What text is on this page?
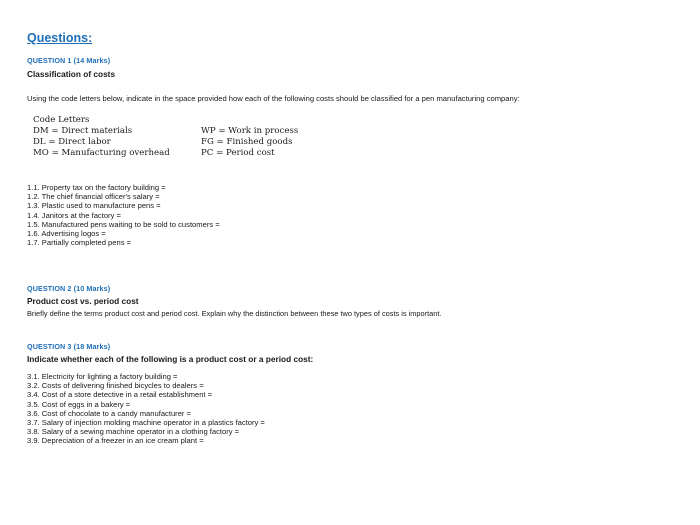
Questions:
QUESTION 1 (14 Marks)
Classification of costs
Using the code letters below, indicate in the space provided how each of the following costs should be classified for a pen manufacturing company:
Code Letters
DM = Direct materials
DL = Direct labor
MO = Manufacturing overhead
WP = Work in process
FG = Finished goods
PC = Period cost
1.1. Property tax on the factory building =
1.2. The chief financial officer's salary =
1.3. Plastic used to manufacture pens =
1.4. Janitors at the factory =
1.5. Manufactured pens waiting to be sold to customers =
1.6. Advertising logos =
1.7. Partially completed pens =
QUESTION 2 (10 Marks)
Product cost vs. period cost
Briefly define the terms product cost and period cost. Explain why the distinction between these two types of costs is important.
QUESTION 3 (18 Marks)
Indicate whether each of the following is a product cost or a period cost:
3.1. Electricity for lighting a factory building =
3.2. Costs of delivering finished bicycles to dealers =
3.4. Cost of a store detective in a retail establishment =
3.5. Cost of eggs in a bakery =
3.6. Cost of chocolate to a candy manufacturer =
3.7. Salary of injection molding machine operator in a plastics factory =
3.8. Salary of a sewing machine operator in a clothing factory =
3.9. Depreciation of a freezer in an ice cream plant =
